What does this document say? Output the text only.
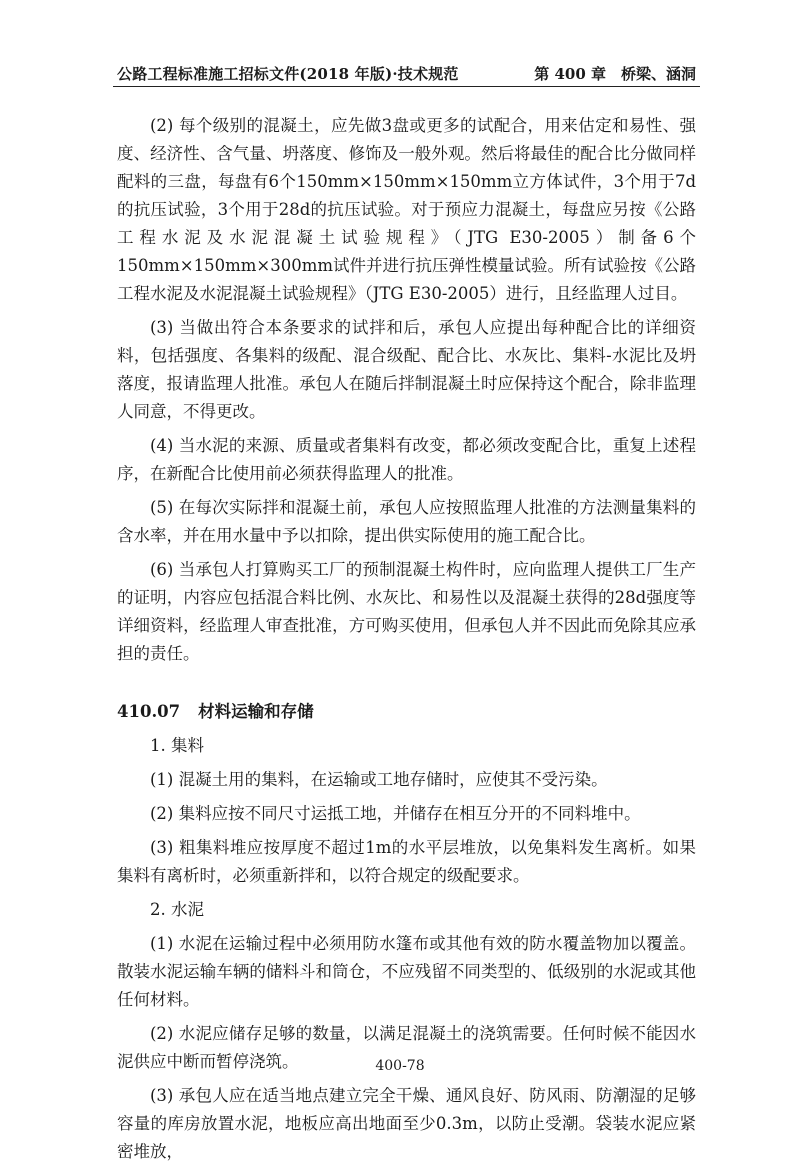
公路工程标准施工招标文件(2018 年版)·技术规范	第 400 章　桥梁、涵洞

(2) 每个级别的混凝土，应先做3盘或更多的试配合，用来估定和易性、强度、经济性、含气量、坍落度、修饰及一般外观。然后将最佳的配合比分做同样配料的三盘，每盘有6个150mm×150mm×150mm立方体试件，3个用于7d的抗压试验，3个用于28d的抗压试验。对于预应力混凝土，每盘应另按《公路工程水泥及水泥混凝土试验规程》（JTG E30-2005）制备6个150mm×150mm×300mm试件并进行抗压弹性模量试验。所有试验按《公路工程水泥及水泥混凝土试验规程》（JTG E30-2005）进行，且经监理人过目。

(3) 当做出符合本条要求的试拌和后，承包人应提出每种配合比的详细资料，包括强度、各集料的级配、混合级配、配合比、水灰比、集料-水泥比及坍落度，报请监理人批准。承包人在随后拌制混凝土时应保持这个配合，除非监理人同意，不得更改。

(4) 当水泥的来源、质量或者集料有改变，都必须改变配合比，重复上述程序，在新配合比使用前必须获得监理人的批准。

(5) 在每次实际拌和混凝土前，承包人应按照监理人批准的方法测量集料的含水率，并在用水量中予以扣除，提出供实际使用的施工配合比。

(6) 当承包人打算购买工厂的预制混凝土构件时，应向监理人提供工厂生产的证明，内容应包括混合料比例、水灰比、和易性以及混凝土获得的28d强度等详细资料，经监理人审查批准，方可购买使用，但承包人并不因此而免除其应承担的责任。

410.07 材料运输和存储

1. 集料

(1) 混凝土用的集料，在运输或工地存储时，应使其不受污染。

(2) 集料应按不同尺寸运抵工地，并储存在相互分开的不同料堆中。

(3) 粗集料堆应按厚度不超过1m的水平层堆放，以免集料发生离析。如果集料有离析时，必须重新拌和，以符合规定的级配要求。

2. 水泥

(1) 水泥在运输过程中必须用防水篷布或其他有效的防水覆盖物加以覆盖。散装水泥运输车辆的储料斗和筒仓，不应残留不同类型的、低级别的水泥或其他任何材料。

(2) 水泥应储存足够的数量，以满足混凝土的浇筑需要。任何时候不能因水泥供应中断而暂停浇筑。

(3) 承包人应在适当地点建立完全干燥、通风良好、防风雨、防潮湿的足够容量的库房放置水泥，地板应高出地面至少0.3m，以防止受潮。袋装水泥应紧密堆放，

400-78
